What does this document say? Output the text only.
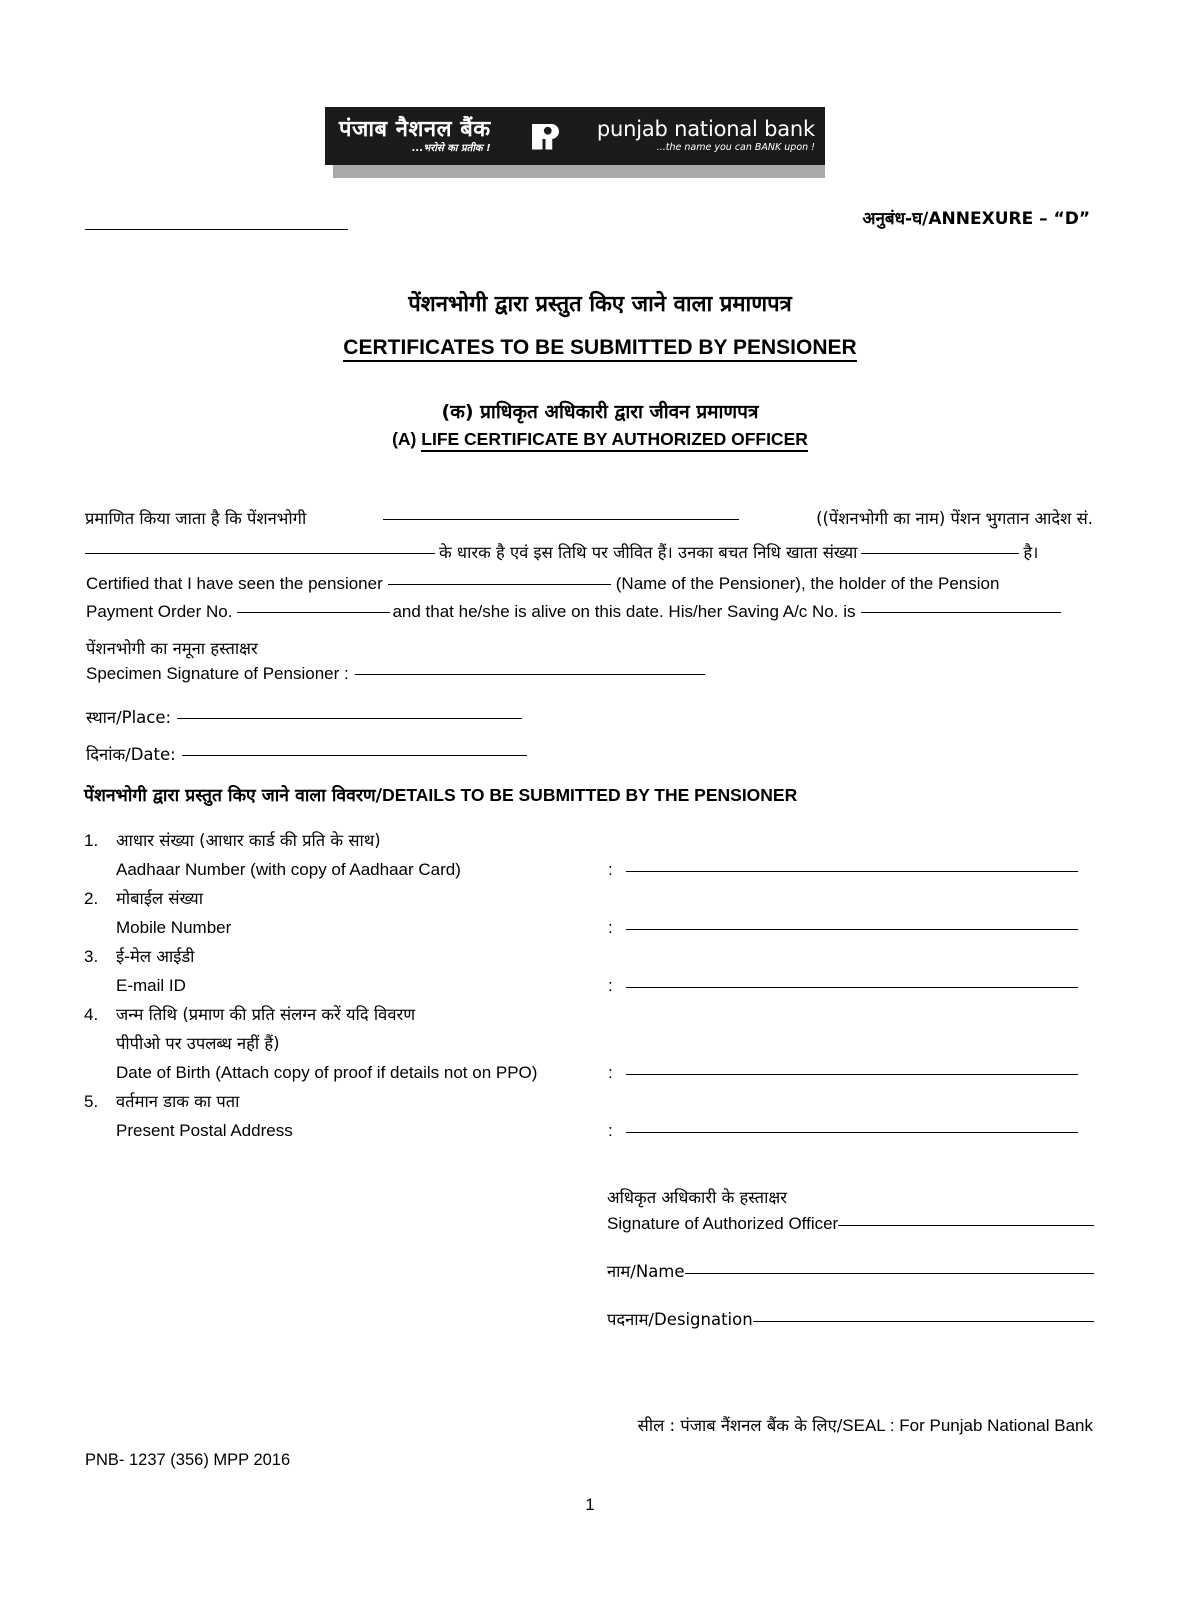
पंजाब नैशनल बैंक
...भरोसे का प्रतीक !
punjab national bank
...the name you can BANK upon !
अनुबंध-घ∕ANNEXURE – “D”
पेंशनभोगी द्वारा प्रस्तुत किए जाने वाला प्रमाणपत्र
CERTIFICATES TO BE SUBMITTED BY PENSIONER
(क) प्राधिकृत अधिकारी द्वारा जीवन प्रमाणपत्र
(A) LIFE CERTIFICATE BY AUTHORIZED OFFICER
प्रमाणित किया जाता है कि पेंशनभोगी	((पेंशनभोगी का नाम) पेंशन भुगतान आदेश सं.
के धारक है एवं इस तिथि पर जीवित हैं। उनका बचत निधि खाता संख्या	है।
Certified that I have seen the pensioner	(Name of the Pensioner), the holder of the Pension
Payment Order No.	and that he/she is alive on this date. His/her Saving A/c No. is
पेंशनभोगी का नमूना हस्ताक्षर
Specimen Signature of Pensioner :
स्थान∕Place:
दिनांक∕Date:
पेंशनभोगी द्वारा प्रस्तुत किए जाने वाला विवरण∕DETAILS TO BE SUBMITTED BY THE PENSIONER
1.	आधार संख्या (आधार कार्ड की प्रति के साथ)
Aadhaar Number (with copy of Aadhaar Card)	:
2.	मोबाईल संख्या
Mobile Number	:
3.	ई-मेल आईडी
E-mail ID	:
4.	जन्म तिथि (प्रमाण की प्रति संलग्न करें यदि विवरण
पीपीओ पर उपलब्ध नहीं हैं)
Date of Birth (Attach copy of proof if details not on PPO)	:
5.	वर्तमान डाक का पता
Present Postal Address	:
अधिकृत अधिकारी के हस्ताक्षर
Signature of Authorized Officer
नाम∕Name
पदनाम∕Designation
सील : पंजाब नैंशनल बैंक के लिए∕SEAL : For Punjab National Bank
PNB- 1237 (356) MPP 2016
1
